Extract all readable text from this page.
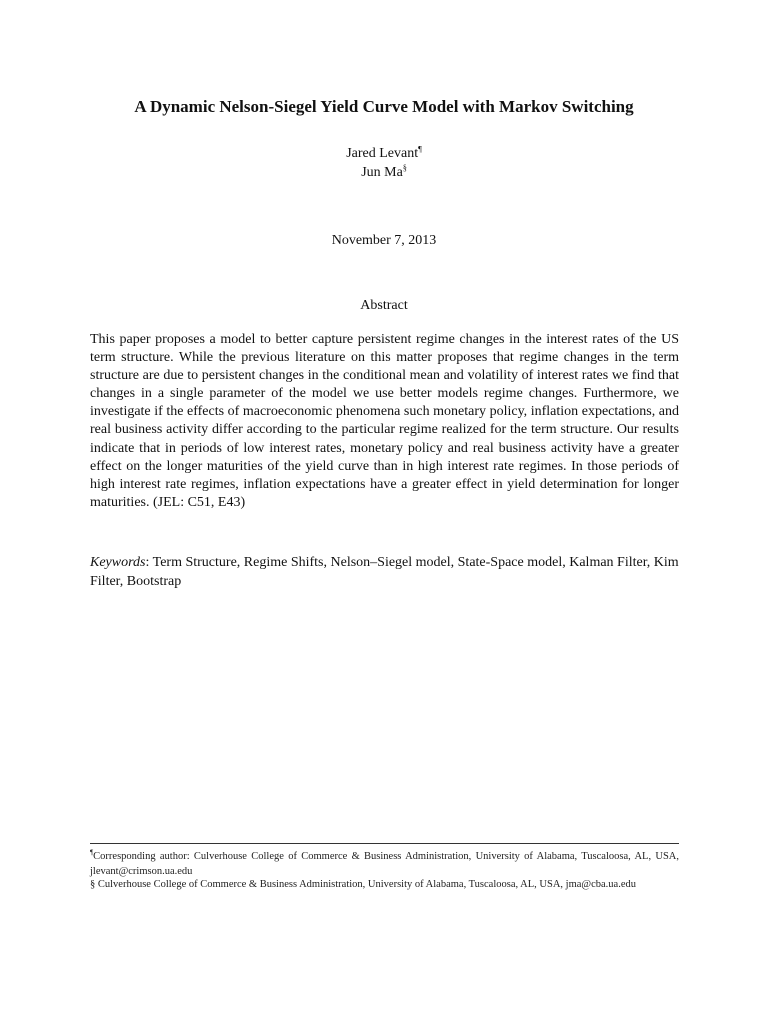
A Dynamic Nelson-Siegel Yield Curve Model with Markov Switching
Jared Levant¶
Jun Ma§
November 7, 2013
Abstract

This paper proposes a model to better capture persistent regime changes in the interest rates of the US term structure. While the previous literature on this matter proposes that regime changes in the term structure are due to persistent changes in the conditional mean and volatility of interest rates we find that changes in a single parameter of the model we use better models regime changes. Furthermore, we investigate if the effects of macroeconomic phenomena such monetary policy, inflation expectations, and real business activity differ according to the particular regime realized for the term structure. Our results indicate that in periods of low interest rates, monetary policy and real business activity have a greater effect on the longer maturities of the yield curve than in high interest rate regimes. In those periods of high interest rate regimes, inflation expectations have a greater effect in yield determination for longer maturities. (JEL: C51, E43)

Keywords: Term Structure, Regime Shifts, Nelson–Siegel model, State-Space model, Kalman Filter, Kim Filter, Bootstrap

¶Corresponding author: Culverhouse College of Commerce & Business Administration, University of Alabama, Tuscaloosa, AL, USA, jlevant@crimson.ua.edu

§ Culverhouse College of Commerce & Business Administration, University of Alabama, Tuscaloosa, AL, USA, jma@cba.ua.edu
